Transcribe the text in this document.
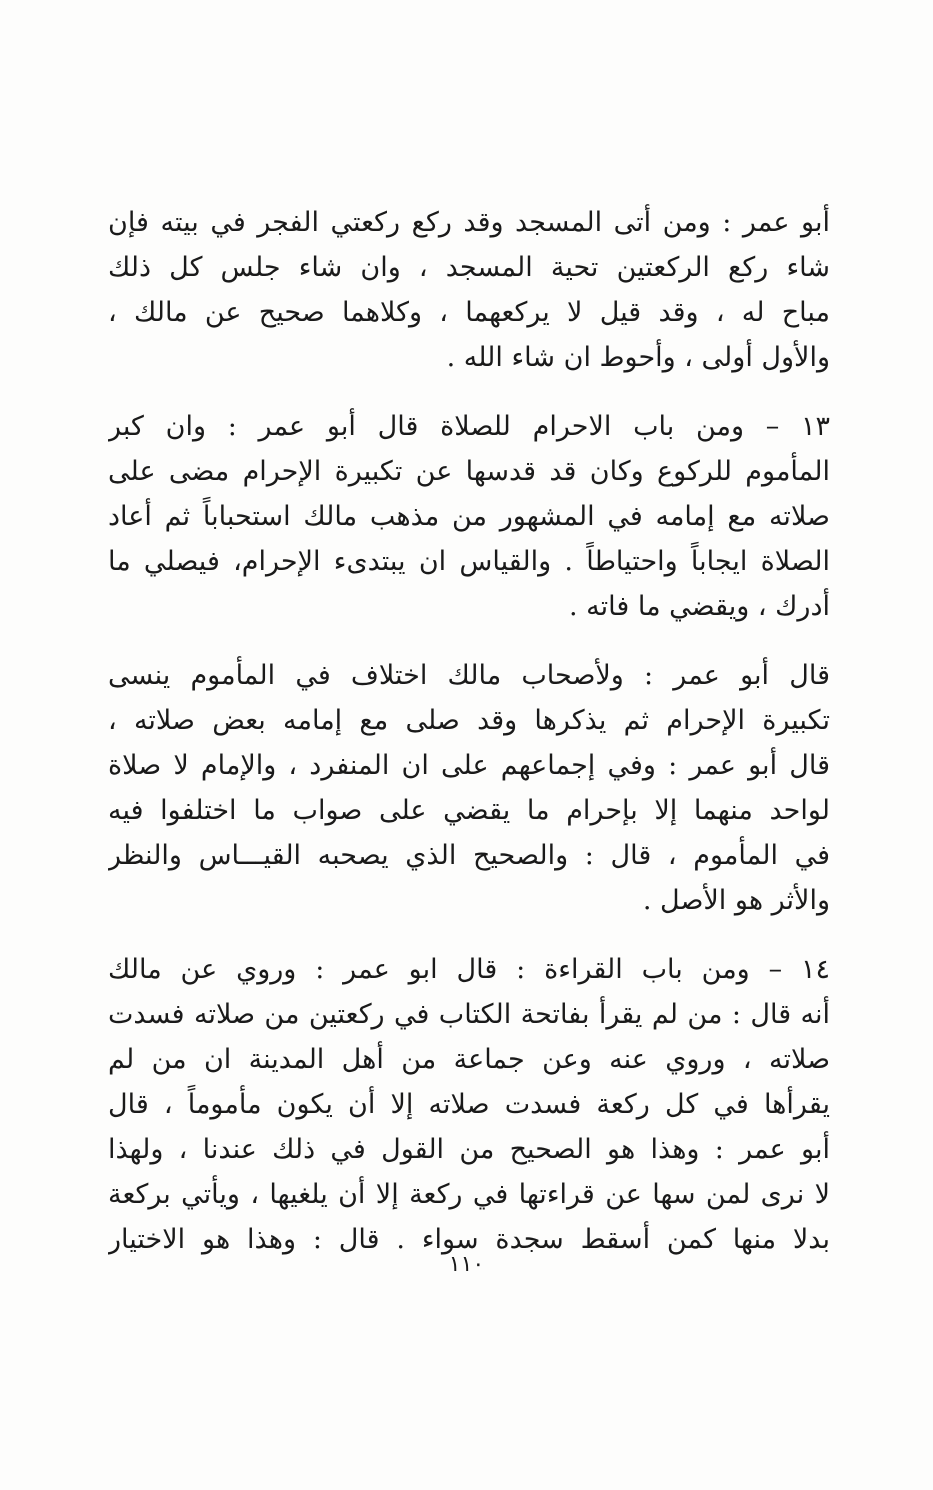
أبو عمر : ومن أتى المسجد وقد ركع ركعتي الفجر في بيته فإن
شاء ركع الركعتين تحية المسجد ، وان شاء جلس كل ذلك
مباح له ، وقد قيل لا يركعهما ، وكلاهما صحيح عن مالك ،
والأول أولى ، وأحوط ان شاء الله .
١٣ – ومن باب الاحرام للصلاة قال أبو عمر : وان كبر
المأموم للركوع وكان قد قدسها عن تكبيرة الإحرام مضى على
صلاته مع إمامه في المشهور من مذهب مالك استحباباً ثم أعاد
الصلاة ايجاباً واحتياطاً . والقياس ان يبتدىء الإحرام، فيصلي ما
أدرك ، ويقضي ما فاته .
قال أبو عمر : ولأصحاب مالك اختلاف في المأموم ينسى
تكبيرة الإحرام ثم يذكرها وقد صلى مع إمامه بعض صلاته ،
قال أبو عمر : وفي إجماعهم على ان المنفرد ، والإمام لا صلاة
لواحد منهما إلا بإحرام ما يقضي على صواب ما اختلفوا فيه
في المأموم ، قال : والصحيح الذي يصحبه القيـــاس والنظر
والأثر هو الأصل .
١٤ – ومن باب القراءة : قال ابو عمر : وروي عن مالك
أنه قال : من لم يقرأ بفاتحة الكتاب في ركعتين من صلاته فسدت
صلاته ، وروي عنه وعن جماعة من أهل المدينة ان من لم
يقرأها في كل ركعة فسدت صلاته إلا أن يكون مأموماً ، قال
أبو عمر : وهذا هو الصحيح من القول في ذلك عندنا ، ولهذا
لا نرى لمن سها عن قراءتها في ركعة إلا أن يلغيها ، ويأتي بركعة
بدلا منها كمن أسقط سجدة سواء . قال : وهذا هو الاختيار
١١٠
